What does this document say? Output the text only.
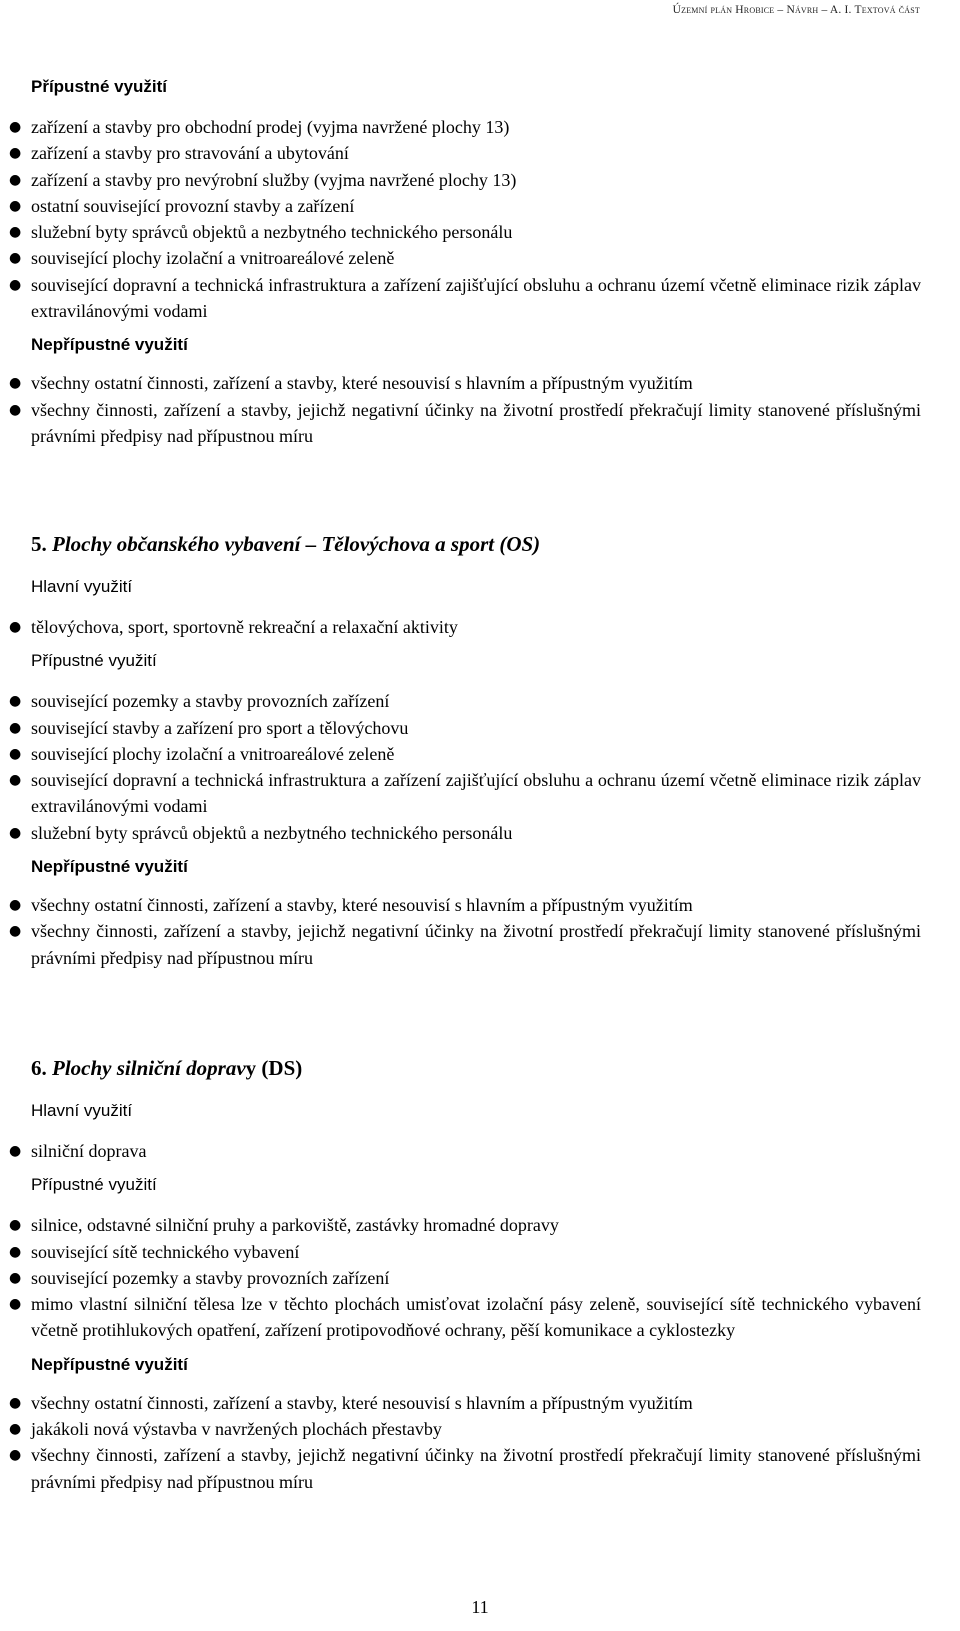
Územní plán Hrobice – Návrh – A. I. Textová část

Přípustné využití

● zařízení a stavby pro obchodní prodej (vyjma navržené plochy 13)
● zařízení a stavby pro stravování a ubytování
● zařízení a stavby pro nevýrobní služby (vyjma navržené plochy 13)
● ostatní související provozní stavby a zařízení
● služební byty správců objektů a nezbytného technického personálu
● související plochy izolační a vnitroareálové zeleně
● související dopravní a technická infrastruktura a zařízení zajišťující obsluhu a ochranu území včetně eliminace rizik záplav extravilánovými vodami

Nepřípustné využití

● všechny ostatní činnosti, zařízení a stavby, které nesouvisí s hlavním a přípustným využitím
● všechny činnosti, zařízení a stavby, jejichž negativní účinky na životní prostředí překračují limity stanovené příslušnými právními předpisy nad přípustnou míru
5. Plochy občanského vybavení – Tělovýchova a sport (OS)

Hlavní využití

● tělovýchova, sport, sportovně rekreační a relaxační aktivity

Přípustné využití

● související pozemky a stavby provozních zařízení
● související stavby a zařízení pro sport a tělovýchovu
● související plochy izolační a vnitroareálové zeleně
● související dopravní a technická infrastruktura a zařízení zajišťující obsluhu a ochranu území včetně eliminace rizik záplav extravilánovými vodami
● služební byty správců objektů a nezbytného technického personálu

Nepřípustné využití

● všechny ostatní činnosti, zařízení a stavby, které nesouvisí s hlavním a přípustným využitím
● všechny činnosti, zařízení a stavby, jejichž negativní účinky na životní prostředí překračují limity stanovené příslušnými právními předpisy nad přípustnou míru
6. Plochy silniční dopravy (DS)

Hlavní využití

● silniční doprava

Přípustné využití

● silnice, odstavné silniční pruhy a parkoviště, zastávky hromadné dopravy
● související sítě technického vybavení
● související pozemky a stavby provozních zařízení
● mimo vlastní silniční tělesa lze v těchto plochách umisťovat izolační pásy zeleně, související sítě technického vybavení včetně protihlukových opatření, zařízení protipovodňové ochrany, pěší komunikace a cyklostezky

Nepřípustné využití

● všechny ostatní činnosti, zařízení a stavby, které nesouvisí s hlavním a přípustným využitím
● jakákoli nová výstavba v navržených plochách přestavby
● všechny činnosti, zařízení a stavby, jejichž negativní účinky na životní prostředí překračují limity stanovené příslušnými právními předpisy nad přípustnou míru
11
